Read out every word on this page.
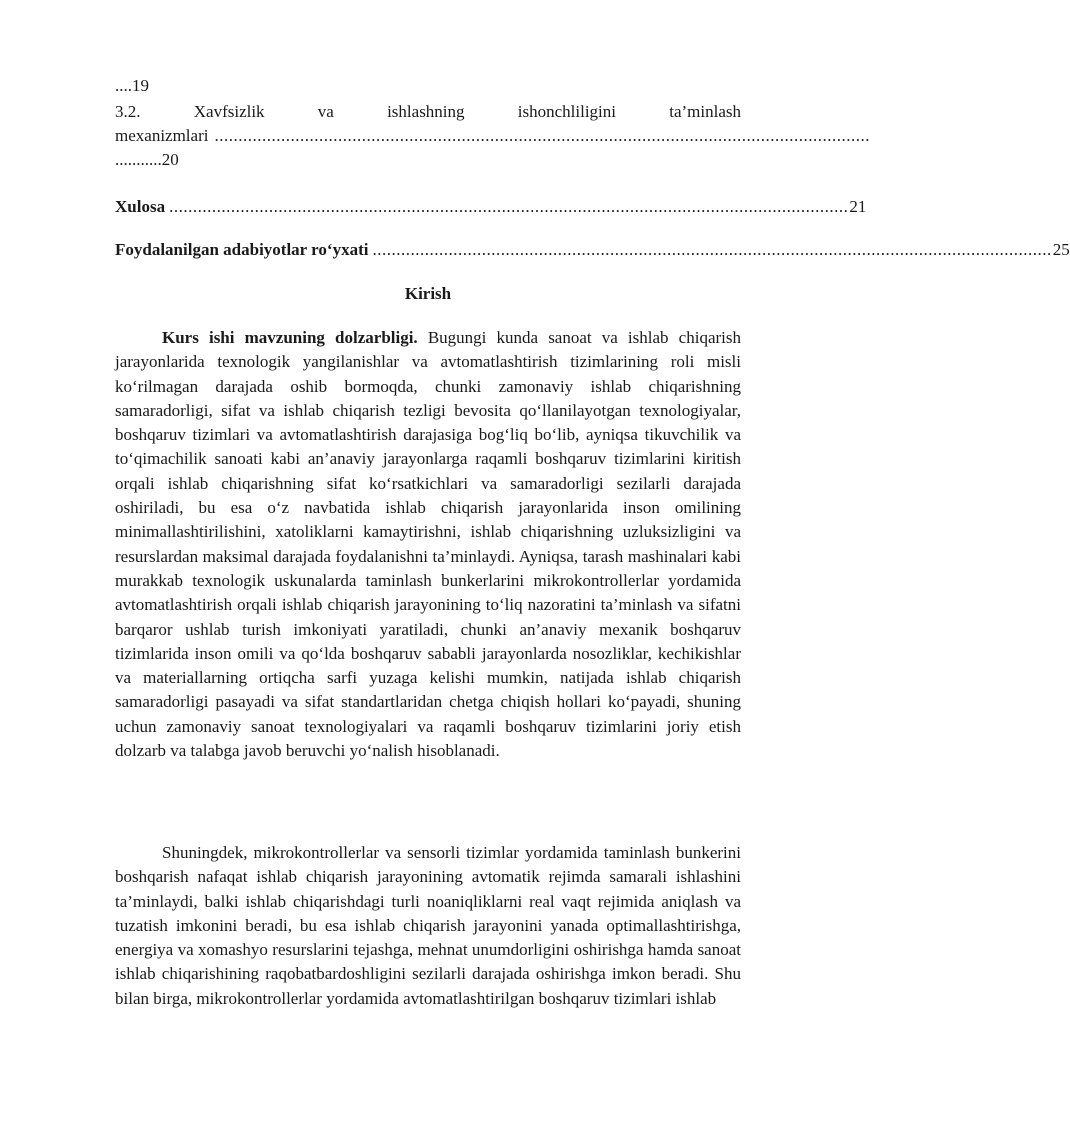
....19
3.2. Xavfsizlik va ishlashning ishonchliligini ta’minlash
mexanizmlari ..........................................................................................................................................
...........20
Xulosa ............................................................................................................................................... 21
Foydalanilgan adabiyotlar ro‘yxati ............................................................................................................................................... 25
Kirish

Kurs ishi mavzuning dolzarbligi. Bugungi kunda sanoat va ishlab chiqarish jarayonlarida texnologik yangilanishlar va avtomatlashtirish tizimlarining roli misli ko‘rilmagan darajada oshib bormoqda, chunki zamonaviy ishlab chiqarishning samaradorligi, sifat va ishlab chiqarish tezligi bevosita qo‘llanilayotgan texnologiyalar, boshqaruv tizimlari va avtomatlashtirish darajasiga bog‘liq bo‘lib, ayniqsa tikuvchilik va to‘qimachilik sanoati kabi an’anaviy jarayonlarga raqamli boshqaruv tizimlarini kiritish orqali ishlab chiqarishning sifat ko‘rsatkichlari va samaradorligi sezilarli darajada oshiriladi, bu esa o‘z navbatida ishlab chiqarish jarayonlarida inson omilining minimallashtirilishini, xatoliklarni kamaytirishni, ishlab chiqarishning uzluksizligini va resurslardan maksimal darajada foydalanishni ta’minlaydi. Ayniqsa, tarash mashinalari kabi murakkab texnologik uskunalarda taminlash bunkerlarini mikrokontrollerlar yordamida avtomatlashtirish orqali ishlab chiqarish jarayonining to‘liq nazoratini ta’minlash va sifatni barqaror ushlab turish imkoniyati yaratiladi, chunki an’anaviy mexanik boshqaruv tizimlarida inson omili va qo‘lda boshqaruv sababli jarayonlarda nosozliklar, kechikishlar va materiallarning ortiqcha sarfi yuzaga kelishi mumkin, natijada ishlab chiqarish samaradorligi pasayadi va sifat standartlaridan chetga chiqish hollari ko‘payadi, shuning uchun zamonaviy sanoat texnologiyalari va raqamli boshqaruv tizimlarini joriy etish dolzarb va talabga javob beruvchi yo‘nalish hisoblanadi.

Shuningdek, mikrokontrollerlar va sensorli tizimlar yordamida taminlash bunkerini boshqarish nafaqat ishlab chiqarish jarayonining avtomatik rejimda samarali ishlashini ta’minlaydi, balki ishlab chiqarishdagi turli noaniqliklarni real vaqt rejimida aniqlash va tuzatish imkonini beradi, bu esa ishlab chiqarish jarayonini yanada optimallashtirishga, energiya va xomashyo resurslarini tejashga, mehnat unumdorligini oshirishga hamda sanoat ishlab chiqarishining raqobatbardoshligini sezilarli darajada oshirishga imkon beradi. Shu bilan birga, mikrokontrollerlar yordamida avtomatlashtirilgan boshqaruv tizimlari ishlab
